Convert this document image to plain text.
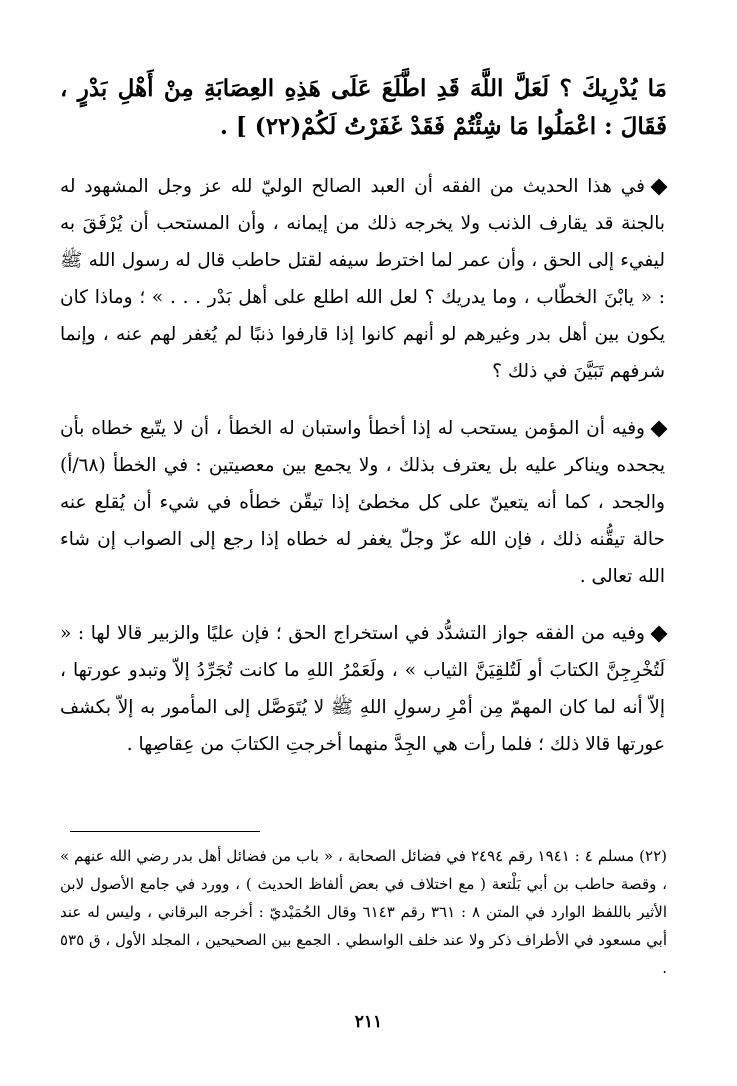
مَا يُدْرِيكَ ؟ لَعَلَّ اللَّهَ قَدِ اطَّلَعَ عَلَى هَذِهِ العِصَابَةِ مِنْ أَهْلِ بَدْرٍ ، فَقَالَ : اعْمَلُوا مَا شِئْتُمْ فَقَدْ غَفَرْتُ لَكُمْ(٢٢) ] .

في هذا الحديث من الفقه أن العبد الصالح الوليّ لله عز وجل المشهود له بالجنة قد يقارف الذنب ولا يخرجه ذلك من إيمانه ، وأن المستحب أن يُرْفَقَ به ليفيء إلى الحق ، وأن عمر لما اخترط سيفه لقتل حاطب قال له رسول الله ﷺ : « يابْنَ الخطّاب ، وما يدريك ؟ لعل الله اطلع على أهل بَدْر . . . » ؛ وماذا كان يكون بين أهل بدر وغيرهم لو أنهم كانوا إذا قارفوا ذنبًا لم يُغفر لهم عنه ، وإنما شرفهم تَبَيَّنَ في ذلك ؟

وفيه أن المؤمن يستحب له إذا أخطأ واستبان له الخطأ ، أن لا يتّبع خطاه بأن يجحده ويناكر عليه بل يعترف بذلك ، ولا يجمع بين معصيتين : في الخطأ (٦٨/أ) والجحد ، كما أنه يتعينّ على كل مخطئ إذا تيقّن خطأه في شيء أن يُقلع عنه حالة تيقُّنه ذلك ، فإن الله عزّ وجلّ يغفر له خطاه إذا رجع إلى الصواب إن شاء الله تعالى .

وفيه من الفقه جواز التشدُّد في استخراج الحق ؛ فإن عليًا والزبير قالا لها : « لَتُخْرِجِنَّ الكتابَ أو لَتُلقِيَنَّ الثياب » ، ولَعَمْرُ اللهِ ما كانت تُجَرِّدُ إلاّ وتبدو عورتها ، إلاّ أنه لما كان المهمّ مِن أمْرِ رسولِ اللهِ ﷺ لا يُتَوَصَّل إلى المأمور به إلاّ بكشف عورتها قالا ذلك ؛ فلما رأت هي الجِدَّ منهما أخرجتِ الكتابَ من عِقاصِها .

(٢٢) مسلم ٤ : ١٩٤١ رقم ٢٤٩٤ في فضائل الصحابة ، « باب من فضائل أهل بدر رضي الله عنهم » ، وقصة حاطب بن أبي بَلْتعة ( مع اختلاف في بعض ألفاظ الحديث ) ، وورد في جامع الأصول لابن الأثير باللفظ الوارد في المتن ٨ : ٣٦١ رقم ٦١٤٣ وقال الحُمَيْديّ : أخرجه البرقاني ، وليس له عند أبي مسعود في الأطراف ذكر ولا عند خلف الواسطي . الجمع بين الصحيحين ، المجلد الأول ، ق ٥٣٥ .
٢١١
